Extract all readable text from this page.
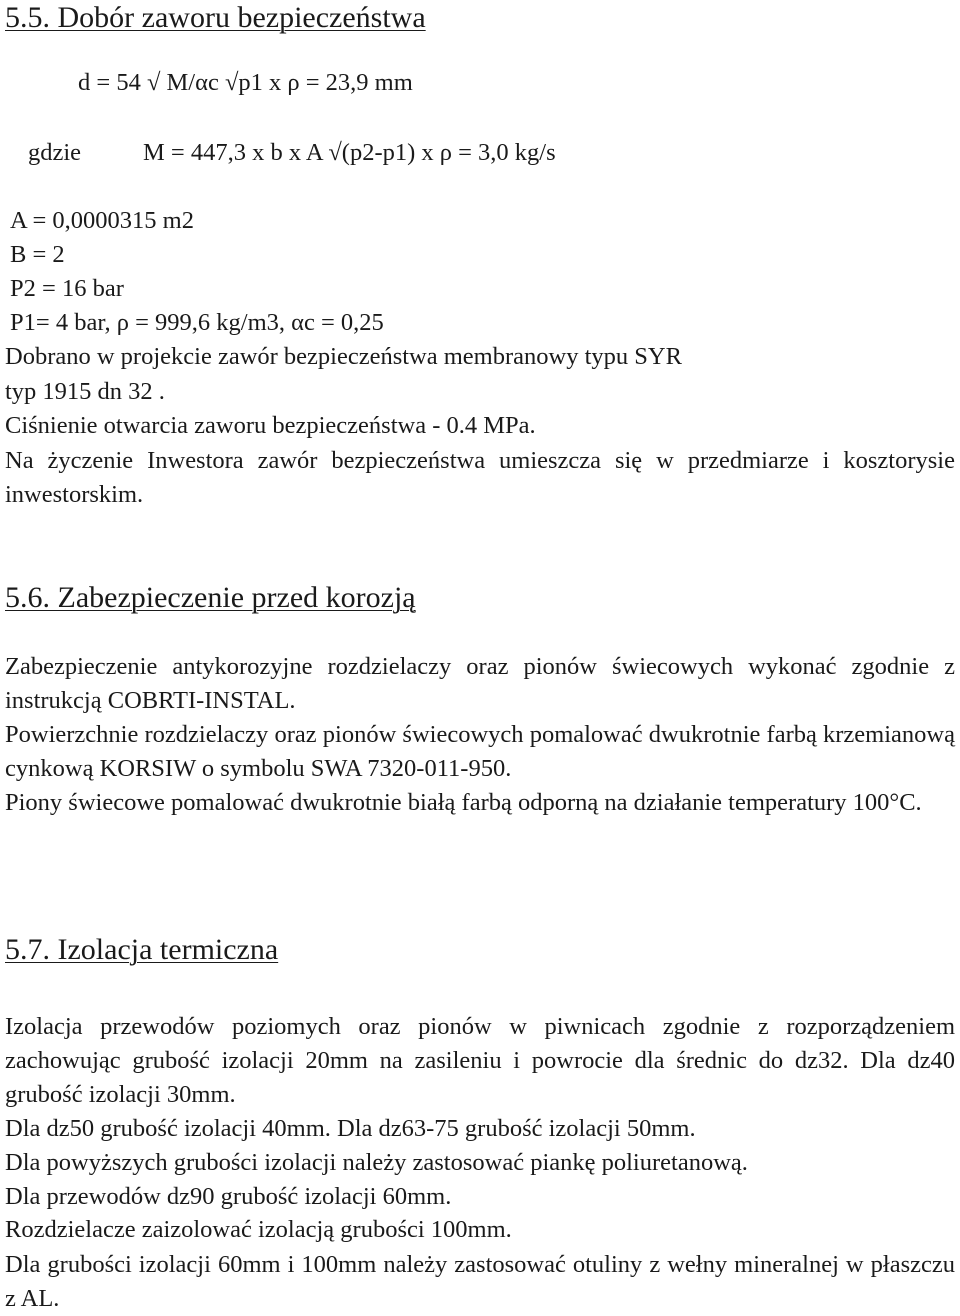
5.5. Dobór zaworu bezpieczeństwa

d = 54 √ M/αc √p1 x ρ = 23,9 mm

gdzie	M = 447,3 x b x A √(p2-p1) x ρ = 3,0 kg/s

A = 0,0000315 m2

B = 2

P2 = 16 bar

P1= 4 bar, ρ = 999,6 kg/m3, αc = 0,25

Dobrano w projekcie zawór bezpieczeństwa membranowy typu SYR

typ 1915 dn 32 .

Ciśnienie otwarcia zaworu bezpieczeństwa - 0.4 MPa.

Na życzenie Inwestora zawór bezpieczeństwa umieszcza się w przedmiarze i kosztorysie inwestorskim.

5.6. Zabezpieczenie przed korozją

Zabezpieczenie antykorozyjne rozdzielaczy oraz pionów świecowych wykonać zgodnie z instrukcją COBRTI-INSTAL.

Powierzchnie rozdzielaczy oraz pionów świecowych pomalować dwukrotnie farbą krzemianową cynkową KORSIW o symbolu SWA 7320-011-950.

Piony świecowe pomalować dwukrotnie białą farbą odporną na działanie temperatury 100°C.

5.7. Izolacja termiczna

Izolacja przewodów poziomych oraz pionów w piwnicach zgodnie z rozporządzeniem zachowując grubość izolacji 20mm na zasileniu i powrocie dla średnic do dz32. Dla dz40 grubość izolacji 30mm.

Dla dz50 grubość izolacji 40mm. Dla dz63-75 grubość izolacji 50mm.

Dla powyższych grubości izolacji należy zastosować piankę poliuretanową.

Dla przewodów dz90 grubość izolacji 60mm.

Rozdzielacze zaizolować izolacją grubości 100mm.

Dla grubości izolacji 60mm i 100mm należy zastosować otuliny z wełny mineralnej w płaszczu z AL.
